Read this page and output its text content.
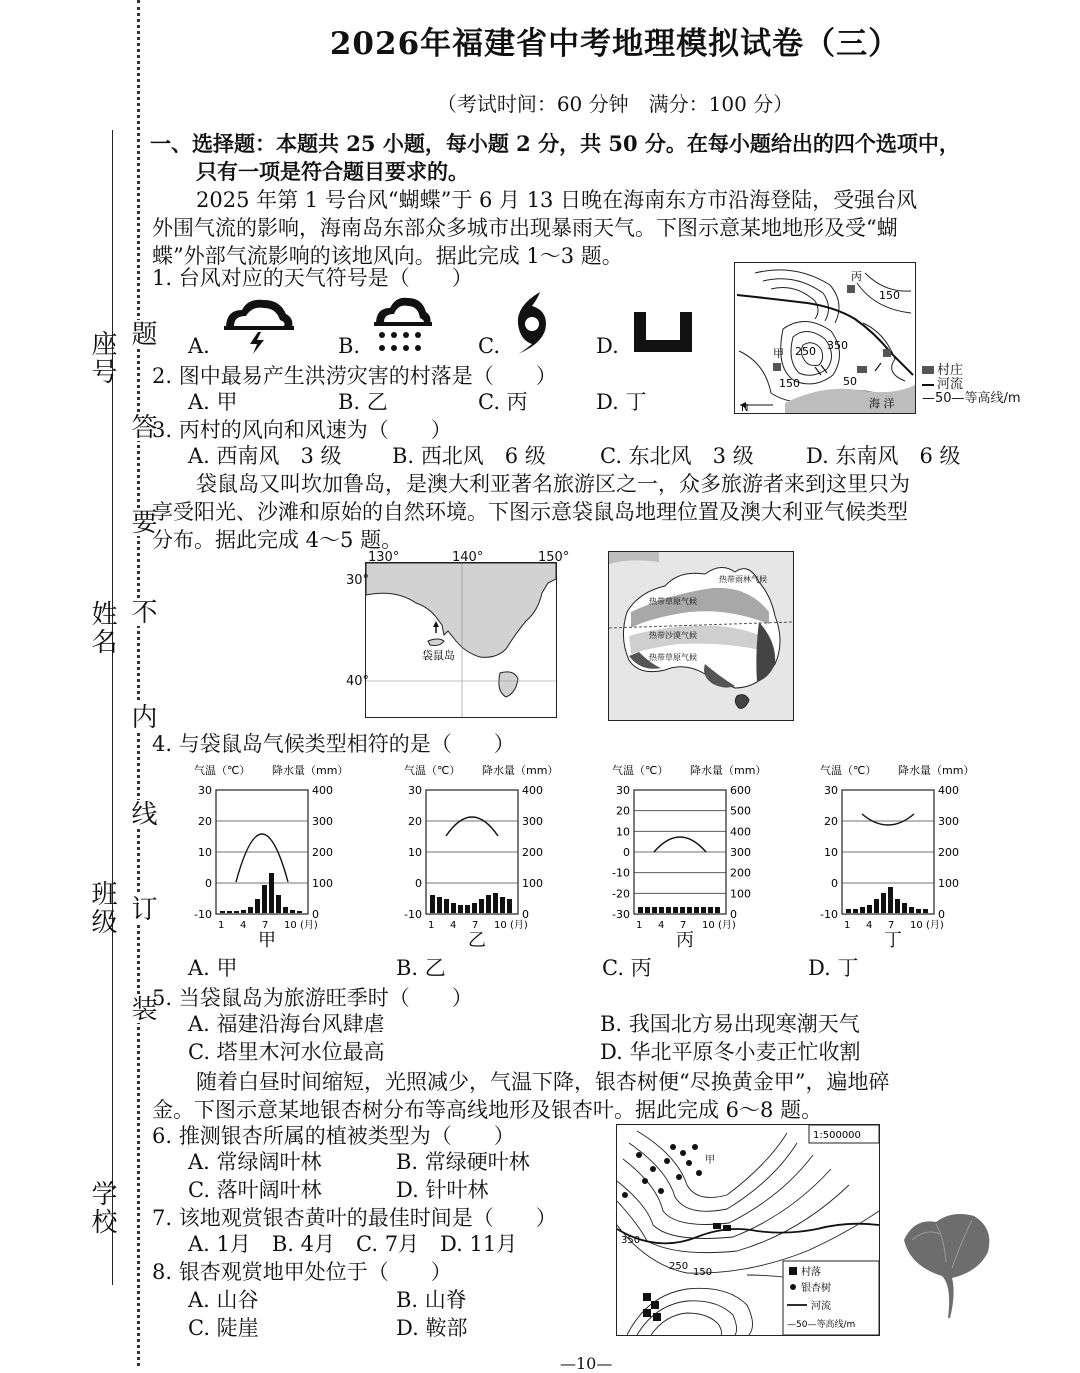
座号
姓名
班级
学校
题
答
要
不
内
线
订
装
2026年福建省中考地理模拟试卷（三）
（考试时间：60 分钟　满分：100 分）
一、选择题：本题共 25 小题，每小题 2 分，共 50 分。在每小题给出的四个选项中，
只有一项是符合题目要求的。
2025 年第 1 号台风“蝴蝶”于 6 月 13 日晚在海南东方市沿海登陆，受强台风
外围气流的影响，海南岛东部众多城市出现暴雨天气。下图示意某地地形及受“蝴
蝶”外部气流影响的该地风向。据此完成 1～3 题。
1. 台风对应的天气符号是（　　）
A.	B.	C.	D.
丙
150
350
甲 250
150	50
海 洋
N
村庄
河流
—50—等高线/m
2. 图中最易产生洪涝灾害的村落是（　　）
A. 甲	B. 乙	C. 丙	D. 丁
3. 丙村的风向和风速为（　　）
A. 西南风　3 级 B. 西北风　6 级	C. 东北风　3 级 D. 东南风　6 级
袋鼠岛又叫坎加鲁岛，是澳大利亚著名旅游区之一，众多旅游者来到这里只为
享受阳光、沙滩和原始的自然环境。下图示意袋鼠岛地理位置及澳大利亚气候类型
分布。据此完成 4～5 题。
袋鼠岛
130°	140°	150°
30°
40°
热带雨林气候
热带草原气候
热带沙漠气候
热带草原气候
4. 与袋鼠岛气候类型相符的是（　　）
气温（℃） 降水量（mm）
30
20
10
0
-10
400
300
200
100
0
1 4 7 10 (月)
甲
气温（℃） 降水量（mm）
30
20
10
0
-10
400
300
200
100
0
1 4 7 10 (月)
乙
气温（℃） 降水量（mm）
30
20
10
0
-10
-20
-30
600
500
400
300
200
100
0
1 4 7 10 (月)
丙
气温（℃） 降水量（mm）
30
20
10
0
-10
400
300
200
100
0
1 4 7 10 (月)
丁
A. 甲	B. 乙	C. 丙	D. 丁
5. 当袋鼠岛为旅游旺季时（　　）
A. 福建沿海台风肆虐	B. 我国北方易出现寒潮天气
C. 塔里木河水位最高	D. 华北平原冬小麦正忙收割
随着白昼时间缩短，光照减少，气温下降，银杏树便“尽换黄金甲”，遍地碎
金。下图示意某地银杏树分布等高线地形及银杏叶。据此完成 6～8 题。
6. 推测银杏所属的植被类型为（　　）
A. 常绿阔叶林	B. 常绿硬叶林
C. 落叶阔叶林	D. 针叶林
7. 该地观赏银杏黄叶的最佳时间是（　　）
A. 1月　B. 4月　C. 7月　D. 11月
8. 银杏观赏地甲处位于（　　）
A. 山谷	B. 山脊
C. 陡崖	D. 鞍部
1:500000
甲
350
250
150	村落
银杏树
河流
—50—等高线/m
—10—
